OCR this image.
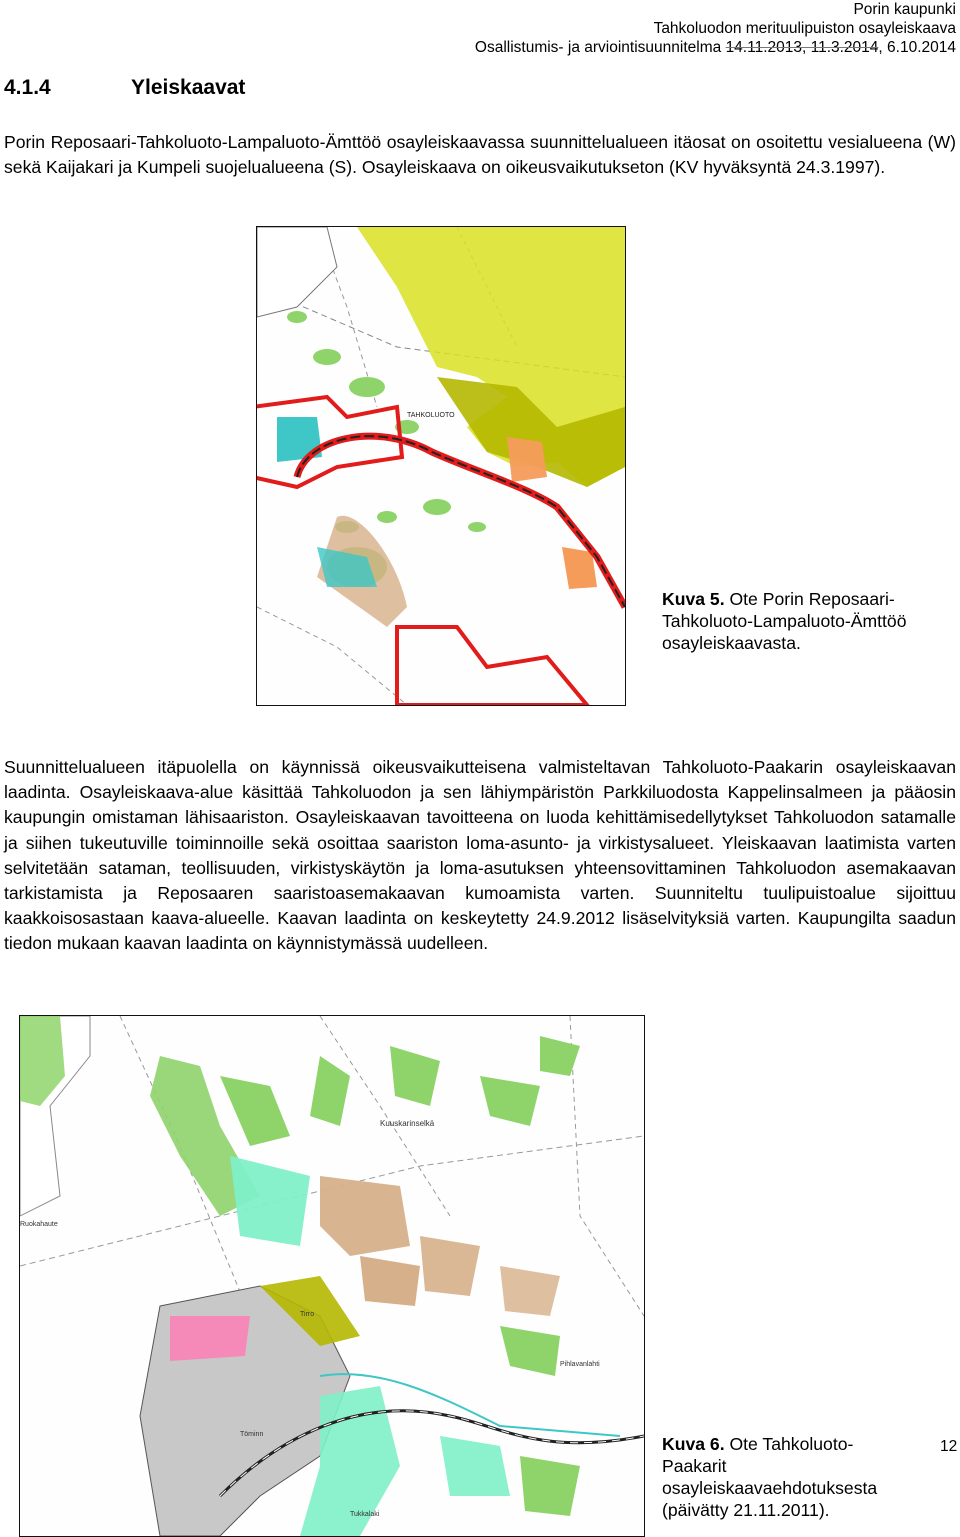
Porin kaupunki
Tahkoluodon merituulipuiston osayleiskaava
Osallistumis- ja arviointisuunnitelma 14.11.2013, 11.3.2014, 6.10.2014
4.1.4	Yleiskaavat
Porin Reposaari-Tahkoluoto-Lampaluoto-Ämttöö osayleiskaavassa suunnittelualueen itäosat on osoitettu vesialueena (W) sekä Kaijakari ja Kumpeli suojelualueena (S). Osayleiskaava on oikeusvaikutukseton (KV hyväksyntä 24.3.1997).
TAHKOLUOTO
Kuva 5. Ote Porin Reposaari-
Tahkoluoto-Lampaluoto-Ämttöö
osayleiskaavasta.
Suunnittelualueen itäpuolella on käynnissä oikeusvaikutteisena valmisteltavan Tahkoluoto-Paakarin osayleiskaavan laadinta. Osayleiskaava-alue käsittää Tahkoluodon ja sen lähiympäristön Parkkiluodosta Kappelinsalmeen ja pääosin kaupungin omistaman lähisaariston. Osayleiskaavan tavoitteena on luoda kehittämisedellytykset Tahkoluodon satamalle ja siihen tukeutuville toiminnoille sekä osoittaa saariston loma-asunto- ja virkistysalueet. Yleiskaavan laatimista varten selvitetään sataman, teollisuuden, virkistyskäytön ja loma-asutuksen yhteensovittaminen Tahkoluodon asemakaavan tarkistamista ja Reposaaren saaristoasemakaavan kumoamista varten. Suunniteltu tuulipuistoalue sijoittuu kaakkoisosastaan kaava-alueelle. Kaavan laadinta on keskeytetty 24.9.2012 lisäselvityksiä varten. Kaupungilta saadun tiedon mukaan kaavan laadinta on käynnistymässä uudelleen.
Kuuskarinselkä
Pihlavanlahti
Töminn
Tukkalaki
Ruokahaute
Tirro
Kuva 6. Ote Tahkoluoto-
Paakarit
osayleiskaavaehdotuksesta
(päivätty 21.11.2011).
12
